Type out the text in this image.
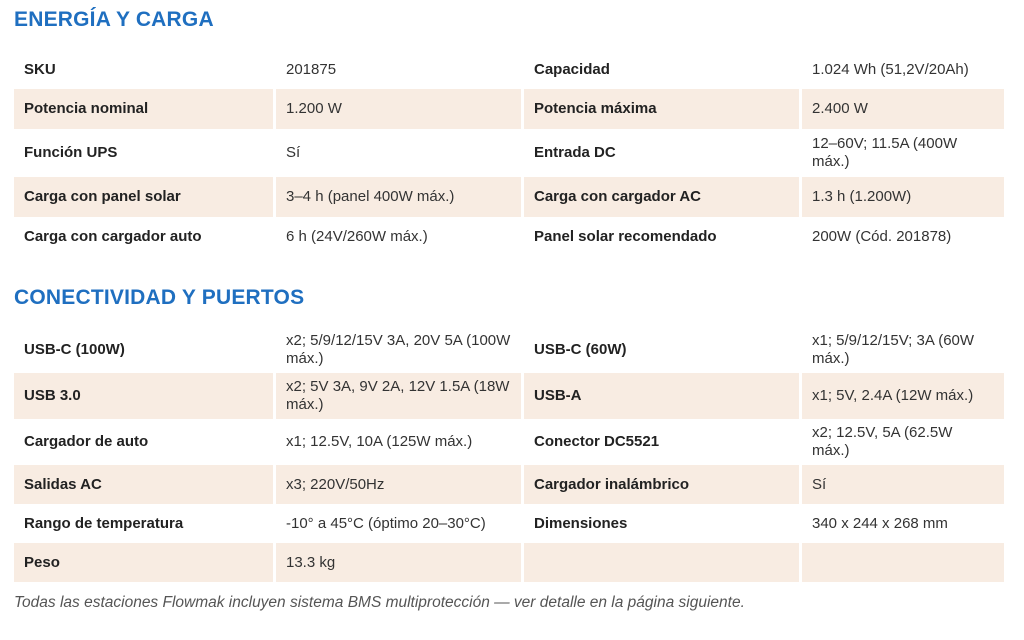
ENERGÍA Y CARGA
SKU	201875	Capacidad	1.024 Wh (51,2V/20Ah)
Potencia nominal	1.200 W	Potencia máxima	2.400 W
Función UPS	Sí	Entrada DC	12–60V; 11.5A (400W máx.)
Carga con panel solar	3–4 h (panel 400W máx.)	Carga con cargador AC	1.3 h (1.200W)
Carga con cargador auto	6 h (24V/260W máx.)	Panel solar recomendado	200W (Cód. 201878)
CONECTIVIDAD Y PUERTOS
USB-C (100W)	x2; 5/9/12/15V 3A, 20V 5A (100W máx.)	USB-C (60W)	x1; 5/9/12/15V; 3A (60W máx.)
USB 3.0	x2; 5V 3A, 9V 2A, 12V 1.5A (18W máx.)	USB-A	x1; 5V, 2.4A (12W máx.)
Cargador de auto	x1; 12.5V, 10A (125W máx.)	Conector DC5521	x2; 12.5V, 5A (62.5W máx.)
Salidas AC	x3; 220V/50Hz	Cargador inalámbrico	Sí
Rango de temperatura	-10° a 45°C (óptimo 20–30°C)	Dimensiones	340 x 244 x 268 mm
Peso	13.3 kg		
Todas las estaciones Flowmak incluyen sistema BMS multiprotección — ver detalle en la página siguiente.
